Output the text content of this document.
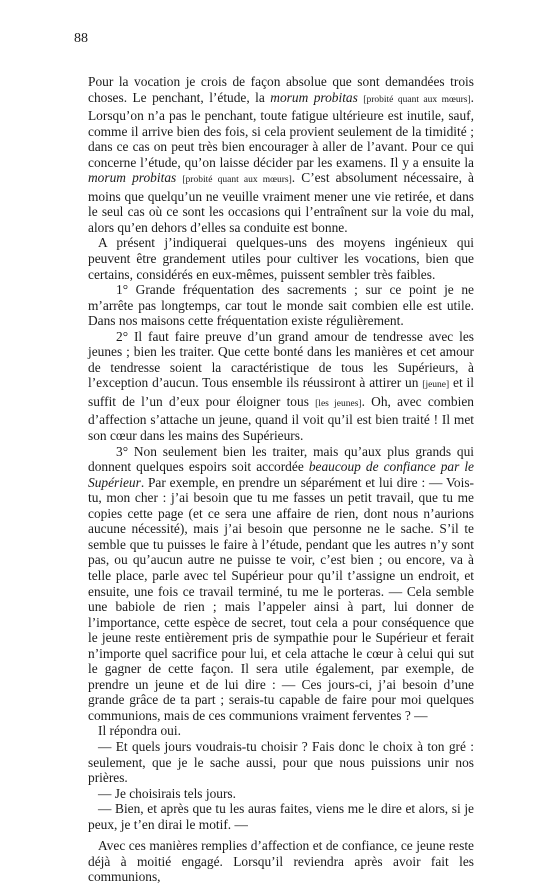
88

Pour la vocation je crois de façon absolue que sont demandées trois choses. Le penchant, l’étude, la morum probitas [probité quant aux mœurs]. Lorsqu’on n’a pas le penchant, toute fatigue ultérieure est inutile, sauf, comme il arrive bien des fois, si cela provient seulement de la timidité ; dans ce cas on peut très bien encourager à aller de l’avant. Pour ce qui concerne l’étude, qu’on laisse décider par les examens. Il y a ensuite la morum probitas [probité quant aux mœurs]. C’est absolument nécessaire, à moins que quelqu’un ne veuille vraiment mener une vie retirée, et dans le seul cas où ce sont les occasions qui l’entraînent sur la voie du mal, alors qu’en dehors d’elles sa conduite est bonne.

A présent j’indiquerai quelques-uns des moyens ingénieux qui peuvent être grandement utiles pour cultiver les vocations, bien que certains, considérés en eux-mêmes, puissent sembler très faibles.

1° Grande fréquentation des sacrements ; sur ce point je ne m’arrête pas longtemps, car tout le monde sait combien elle est utile. Dans nos maisons cette fréquentation existe régulièrement.

2° Il faut faire preuve d’un grand amour de tendresse avec les jeunes ; bien les traiter. Que cette bonté dans les manières et cet amour de tendresse soient la caractéristique de tous les Supérieurs, à l’exception d’aucun. Tous ensemble ils réussiront à attirer un [jeune] et il suffit de l’un d’eux pour éloigner tous [les jeunes]. Oh, avec combien d’affection s’attache un jeune, quand il voit qu’il est bien traité ! Il met son cœur dans les mains des Supérieurs.

3° Non seulement bien les traiter, mais qu’aux plus grands qui donnent quelques espoirs soit accordée beaucoup de confiance par le Supérieur. Par exemple, en prendre un séparément et lui dire : — Vois-tu, mon cher : j’ai besoin que tu me fasses un petit travail, que tu me copies cette page (et ce sera une affaire de rien, dont nous n’aurions aucune nécessité), mais j’ai besoin que personne ne le sache. S’il te semble que tu puisses le faire à l’étude, pendant que les autres n’y sont pas, ou qu’aucun autre ne puisse te voir, c’est bien ; ou encore, va à telle place, parle avec tel Supérieur pour qu’il t’assigne un endroit, et ensuite, une fois ce travail terminé, tu me le porteras. — Cela semble une babiole de rien ; mais l’appeler ainsi à part, lui donner de l’importance, cette espèce de secret, tout cela a pour conséquence que le jeune reste entièrement pris de sympathie pour le Supérieur et ferait n’importe quel sacrifice pour lui, et cela attache le cœur à celui qui sut le gagner de cette façon. Il sera utile également, par exemple, de prendre un jeune et de lui dire : — Ces jours-ci, j’ai besoin d’une grande grâce de ta part ; serais-tu capable de faire pour moi quelques communions, mais de ces communions vraiment ferventes ? —

Il répondra oui.

— Et quels jours voudrais-tu choisir ? Fais donc le choix à ton gré : seulement, que je le sache aussi, pour que nous puissions unir nos prières.

— Je choisirais tels jours.

— Bien, et après que tu les auras faites, viens me le dire et alors, si je peux, je t’en dirai le motif. —

Avec ces manières remplies d’affection et de confiance, ce jeune reste déjà à moitié engagé. Lorsqu’il reviendra après avoir fait les communions,
